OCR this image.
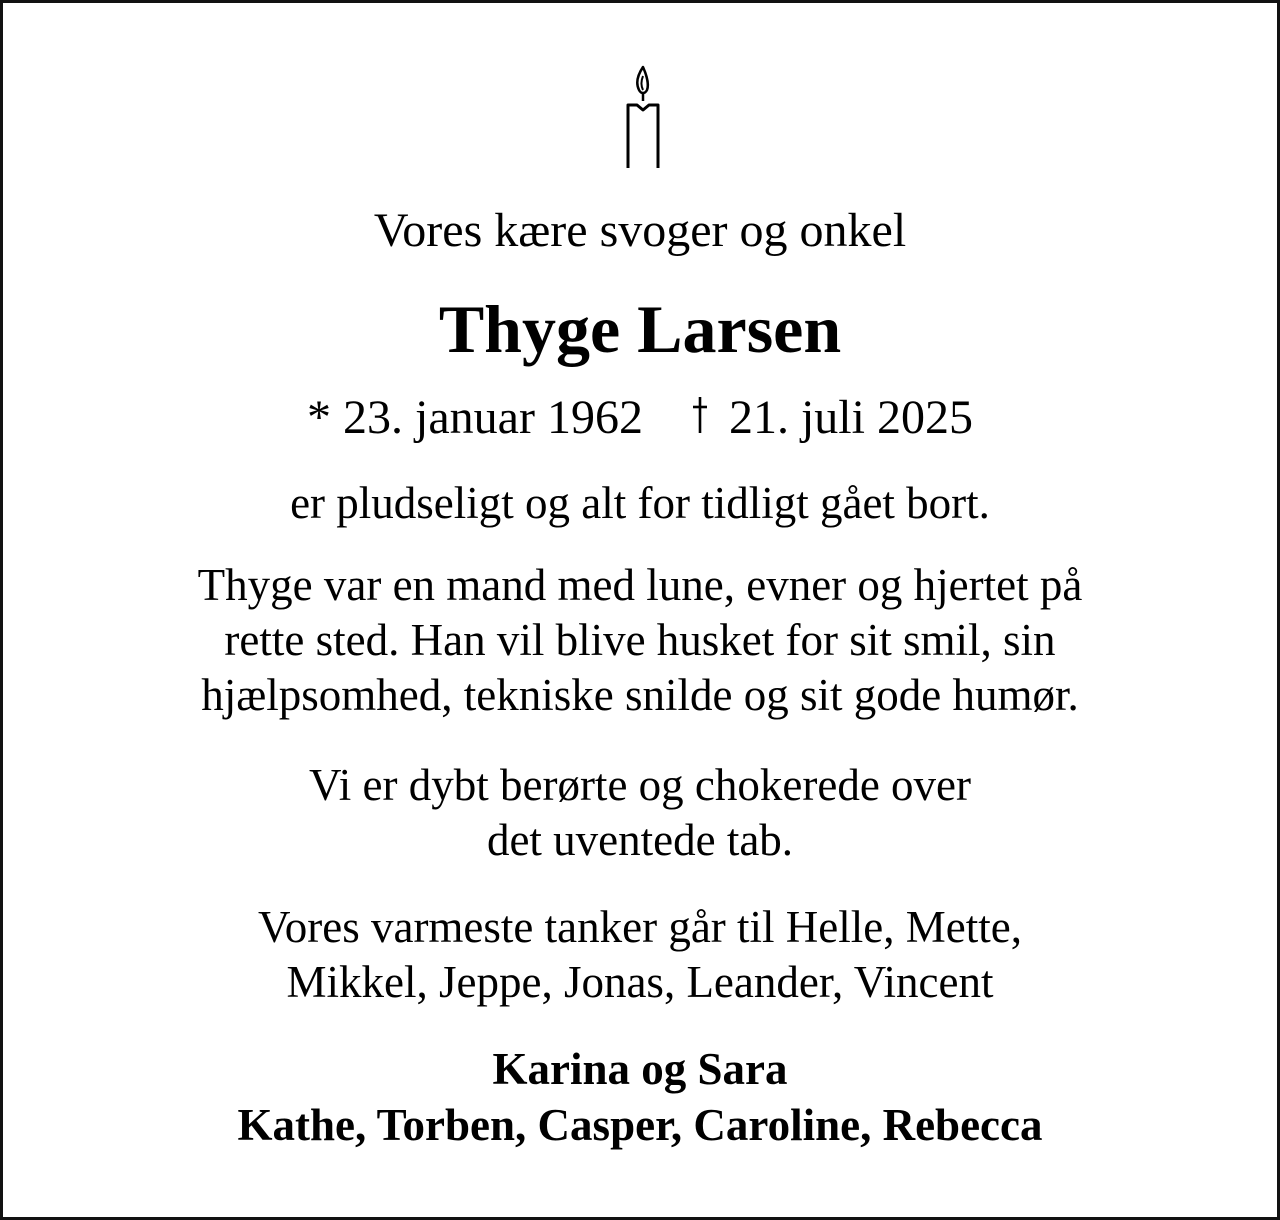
Vores kære svoger og onkel
Thyge Larsen
* 23. januar 1962 21. juli 2025
er pludseligt og alt for tidligt gået bort.
Thyge var en mand med lune, evner og hjertet på
rette sted. Han vil blive husket for sit smil, sin
hjælpsomhed, tekniske snilde og sit gode humør.
Vi er dybt berørte og chokerede over
det uventede tab.
Vores varmeste tanker går til Helle, Mette,
Mikkel, Jeppe, Jonas, Leander, Vincent
Karina og Sara
Kathe, Torben, Casper, Caroline, Rebecca
